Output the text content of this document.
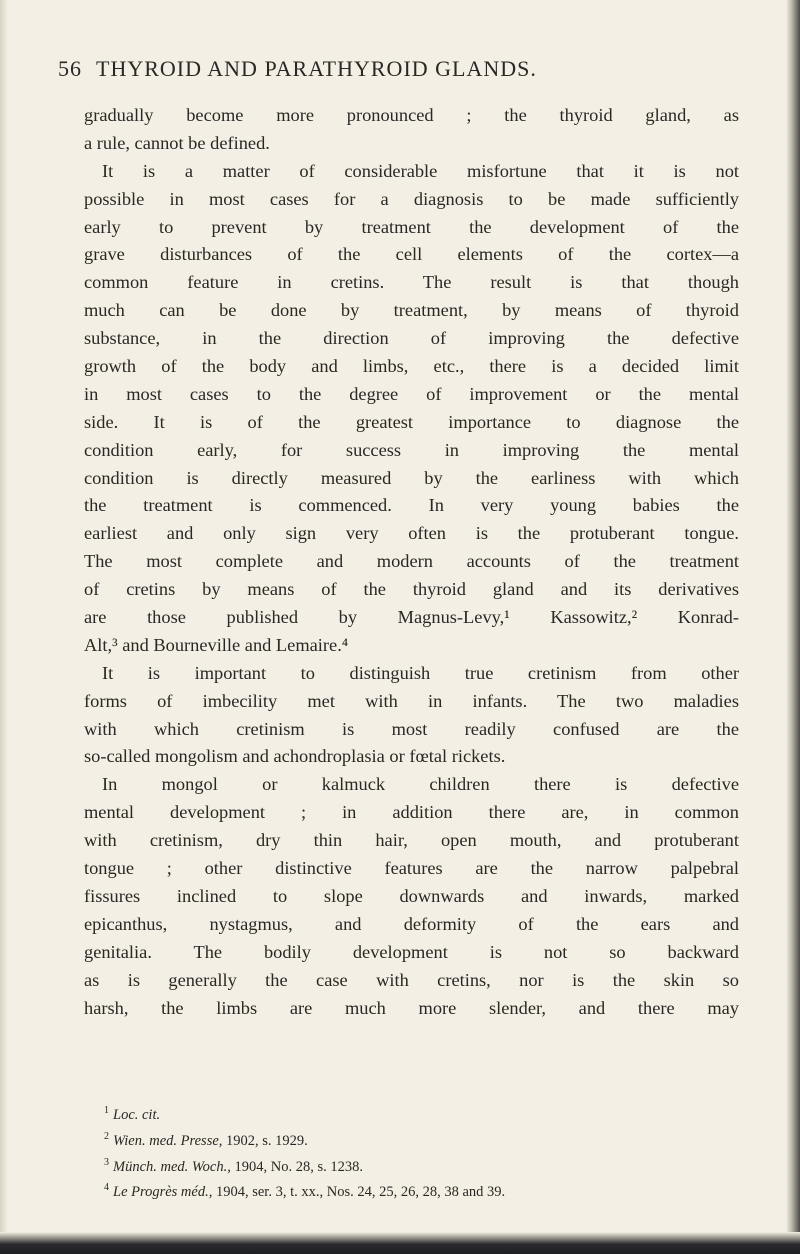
56 THYROID AND PARATHYROID GLANDS.
gradually become more pronounced ; the thyroid gland, as
a rule, cannot be defined.
It is a matter of considerable misfortune that it is not
possible in most cases for a diagnosis to be made sufficiently
early to prevent by treatment the development of the
grave disturbances of the cell elements of the cortex—a
common feature in cretins. The result is that though
much can be done by treatment, by means of thyroid
substance, in the direction of improving the defective
growth of the body and limbs, etc., there is a decided limit
in most cases to the degree of improvement or the mental
side. It is of the greatest importance to diagnose the
condition early, for success in improving the mental
condition is directly measured by the earliness with which
the treatment is commenced. In very young babies the
earliest and only sign very often is the protuberant tongue.
The most complete and modern accounts of the treatment
of cretins by means of the thyroid gland and its derivatives
are those published by Magnus-Levy,¹ Kassowitz,² Konrad-
Alt,³ and Bourneville and Lemaire.⁴
It is important to distinguish true cretinism from other
forms of imbecility met with in infants. The two maladies
with which cretinism is most readily confused are the
so-called mongolism and achondroplasia or fœtal rickets.
In mongol or kalmuck children there is defective
mental development ; in addition there are, in common
with cretinism, dry thin hair, open mouth, and protuberant
tongue ; other distinctive features are the narrow palpebral
fissures inclined to slope downwards and inwards, marked
epicanthus, nystagmus, and deformity of the ears and
genitalia. The bodily development is not so backward
as is generally the case with cretins, nor is the skin so
harsh, the limbs are much more slender, and there may
$^1$ Loc. cit.
$^2$ Wien. med. Presse, 1902, s. 1929.
$^3$ Münch. med. Woch., 1904, No. 28, s. 1238.
$^4$ Le Progrès méd., 1904, ser. 3, t. xx., Nos. 24, 25, 26, 28, 38 and 39.
